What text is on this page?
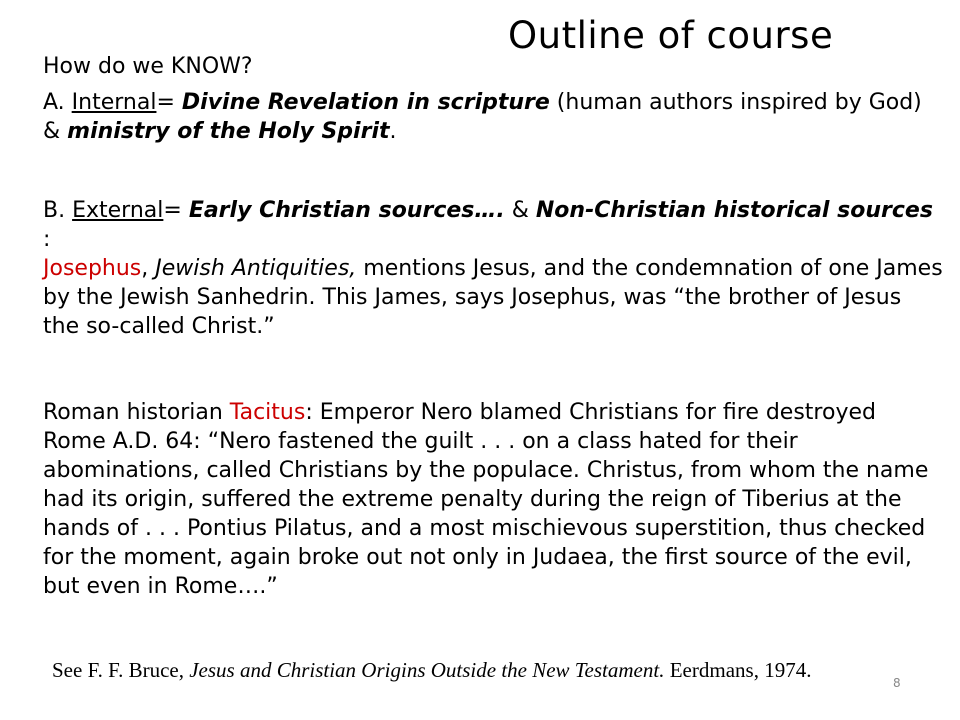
Outline of course
How do we KNOW?
A. Internal= Divine Revelation in scripture (human authors inspired by God) & ministry of the Holy Spirit.
B. External= Early Christian sources…. & Non-Christian historical sources :
Josephus, Jewish Antiquities, mentions Jesus, and the condemnation of one James by the Jewish Sanhedrin. This James, says Josephus, was “the brother of Jesus the so-called Christ.”
Roman historian Tacitus: Emperor Nero blamed Christians for fire destroyed Rome A.D. 64: “Nero fastened the guilt . . . on a class hated for their abominations, called Christians by the populace. Christus, from whom the name had its origin, suffered the extreme penalty during the reign of Tiberius at the hands of . . . Pontius Pilatus, and a most mischievous superstition, thus checked for the moment, again broke out not only in Judaea, the first source of the evil, but even in Rome….”
See F. F. Bruce, Jesus and Christian Origins Outside the New Testament. Eerdmans, 1974.
8
